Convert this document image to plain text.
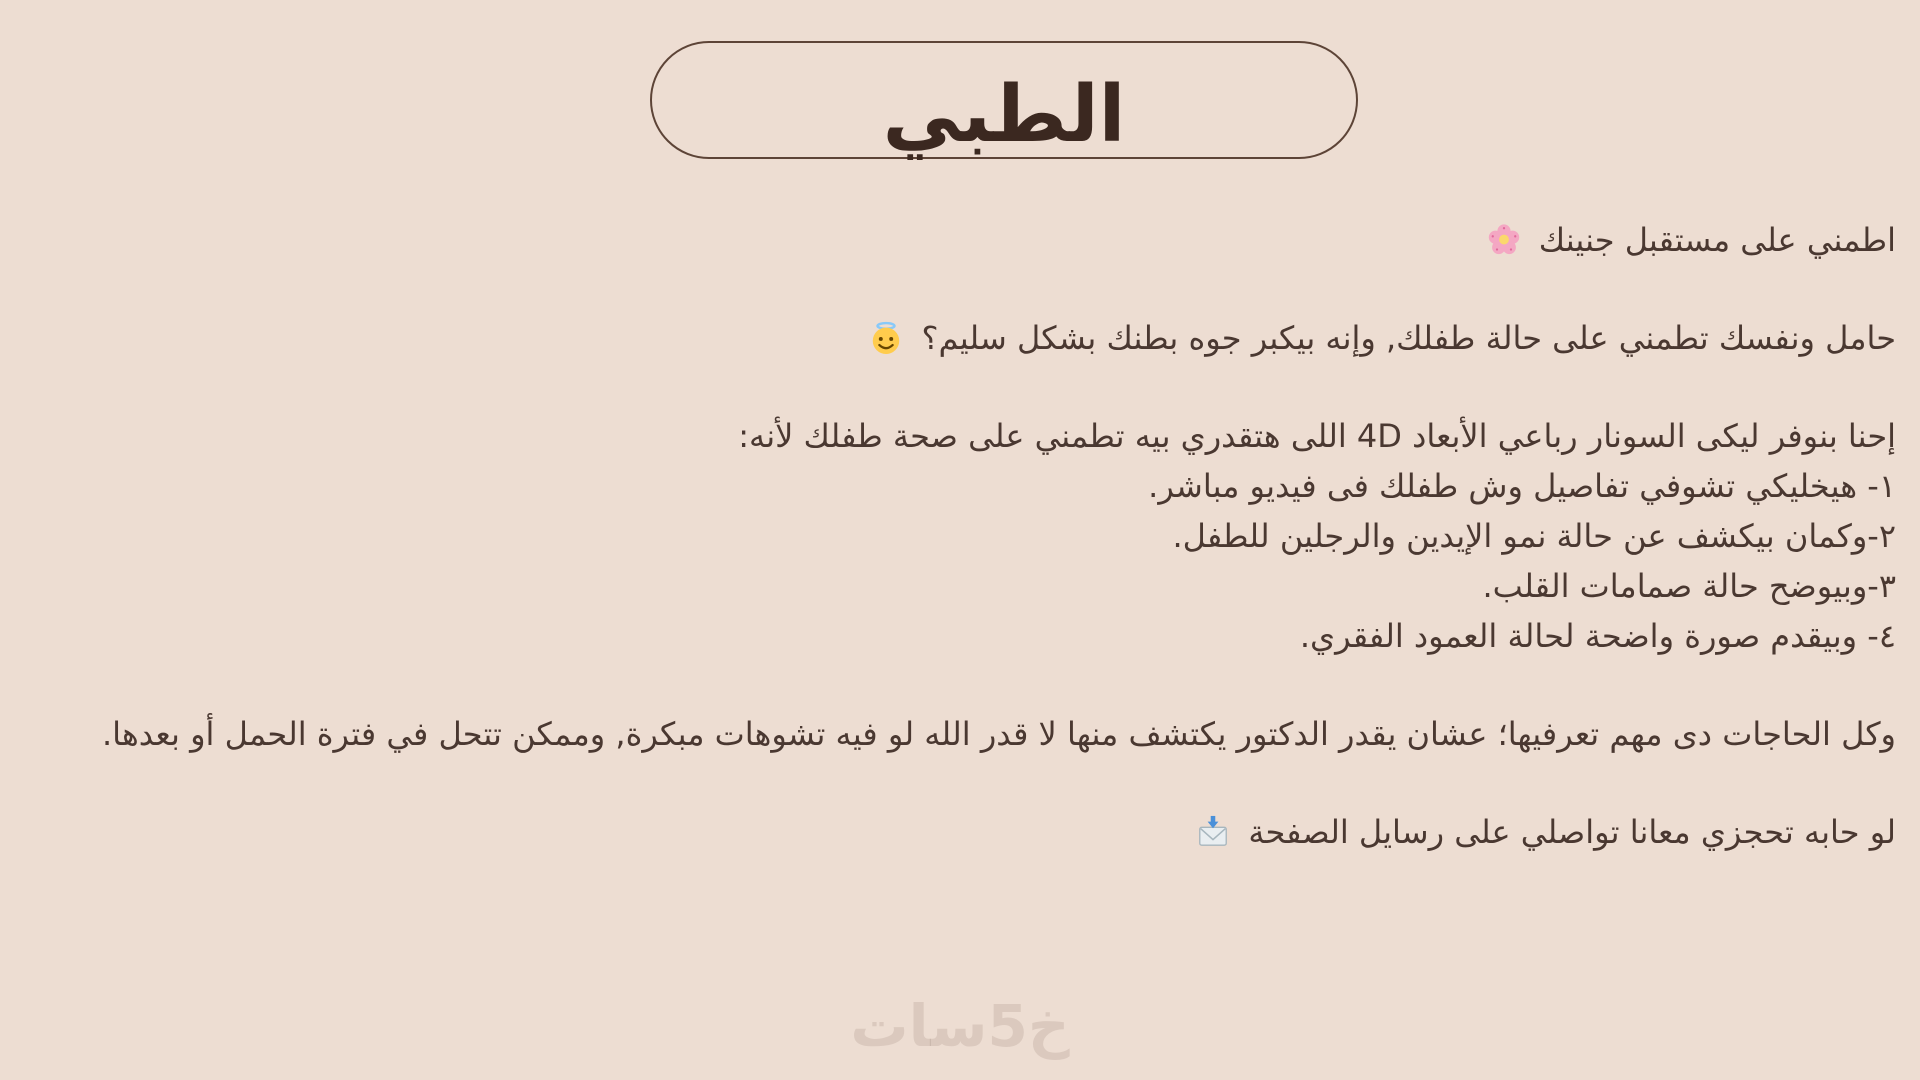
الطبي

اطمني على مستقبل جنينك

حامل ونفسك تطمني على حالة طفلك, وإنه بيكبر جوه بطنك بشكل سليم؟

إحنا بنوفر ليكى السونار رباعي الأبعاد 4D اللى هتقدري بيه تطمني على صحة طفلك لأنه:
١- هيخليكي تشوفي تفاصيل وش طفلك فى فيديو مباشر.
٢-وكمان بيكشف عن حالة نمو الإيدين والرجلين للطفل.
٣-وبيوضح حالة صمامات القلب.
٤- وبيقدم صورة واضحة لحالة العمود الفقري.

وكل الحاجات دى مهم تعرفيها؛ عشان يقدر الدكتور يكتشف منها لا قدر الله لو فيه تشوهات مبكرة, وممكن تتحل في فترة الحمل أو بعدها.

لو حابه تحجزي معانا تواصلي على رسايل الصفحة

خ5سات
